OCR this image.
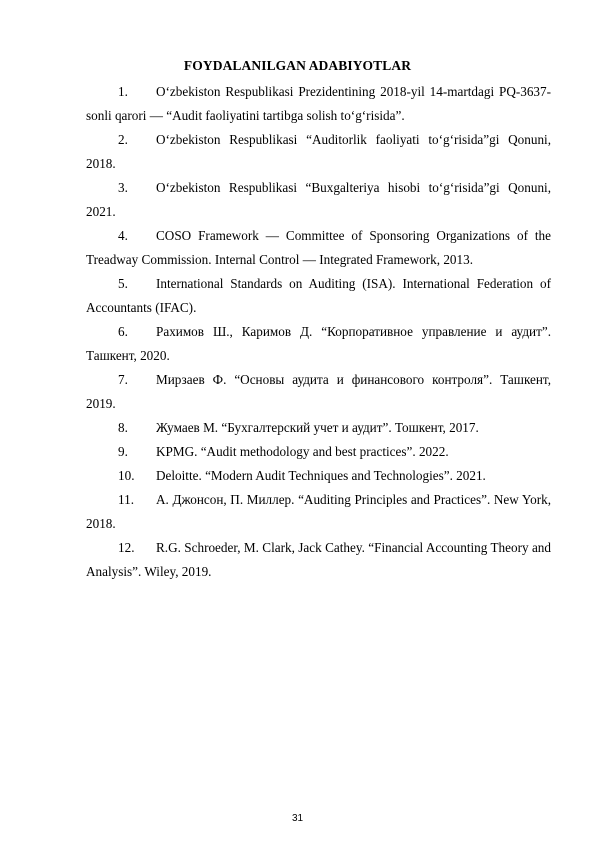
FOYDALANILGAN ADABIYOTLAR

1. O‘zbekiston Respublikasi Prezidentining 2018-yil 14-martdagi PQ-3637-sonli qarori — “Audit faoliyatini tartibga solish to‘g‘risida”.

2. O‘zbekiston Respublikasi “Auditorlik faoliyati to‘g‘risida”gi Qonuni, 2018.

3. O‘zbekiston Respublikasi “Buxgalteriya hisobi to‘g‘risida”gi Qonuni, 2021.

4. COSO Framework — Committee of Sponsoring Organizations of the Treadway Commission. Internal Control — Integrated Framework, 2013.

5. International Standards on Auditing (ISA). International Federation of Accountants (IFAC).

6. Рахимов Ш., Каримов Д. “Корпоративное управление и аудит”. Ташкент, 2020.

7. Мирзаев Ф. “Основы аудита и финансового контроля”. Ташкент, 2019.

8. Жумаев М. “Бухгалтерский учет и аудит”. Тошкент, 2017.

9. KPMG. “Audit methodology and best practices”. 2022.

10. Deloitte. “Modern Audit Techniques and Technologies”. 2021.

11. А. Джонсон, П. Миллер. “Auditing Principles and Practices”. New York, 2018.

12. R.G. Schroeder, M. Clark, Jack Cathey. “Financial Accounting Theory and Analysis”. Wiley, 2019.

31
